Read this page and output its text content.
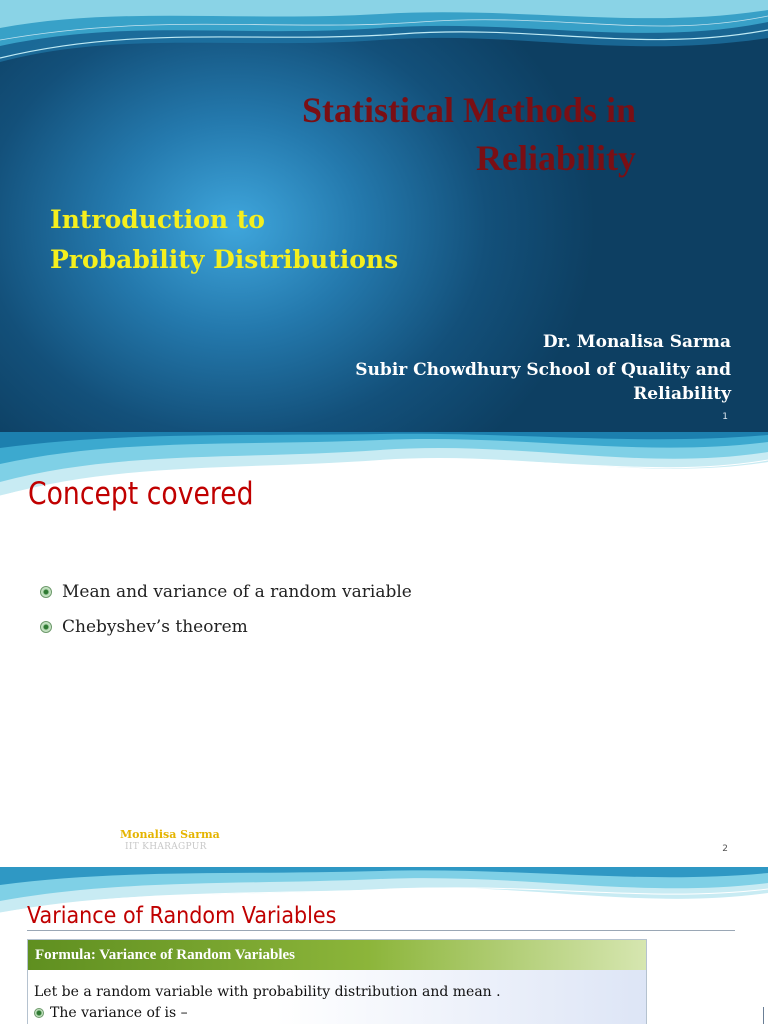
Statistical Methods in
Reliability
Introduction to
Probability Distributions
Dr. Monalisa Sarma
Subir Chowdhury School of Quality and
Reliability
1
Concept covered
Mean and variance of a random variable
Chebyshev’s theorem
Monalisa Sarma
IIT KHARAGPUR	2
Variance of Random Variables
Formula: Variance of Random Variables
Let be a random variable with probability distribution and mean .
The variance of is –
